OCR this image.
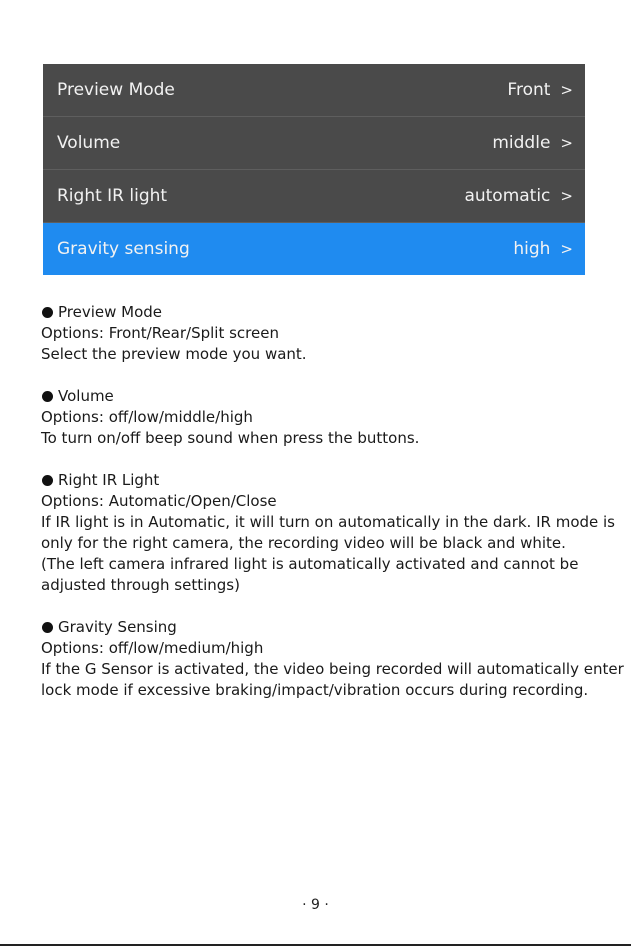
Preview Mode	Front >
Volume	middle >
Right IR light	automatic >
Gravity sensing	high >

Preview Mode

Options: Front/Rear/Split screen

Select the preview mode you want.

Volume

Options: off/low/middle/high

To turn on/off beep sound when press the buttons.

Right IR Light

Options: Automatic/Open/Close

If IR light is in Automatic, it will turn on automatically in the dark. IR mode is

only for the right camera, the recording video will be black and white.

(The left camera infrared light is automatically activated and cannot be

adjusted through settings)

Gravity Sensing

Options: off/low/medium/high

If the G Sensor is activated, the video being recorded will automatically enter

lock mode if excessive braking/impact/vibration occurs during recording.

· 9 ·
